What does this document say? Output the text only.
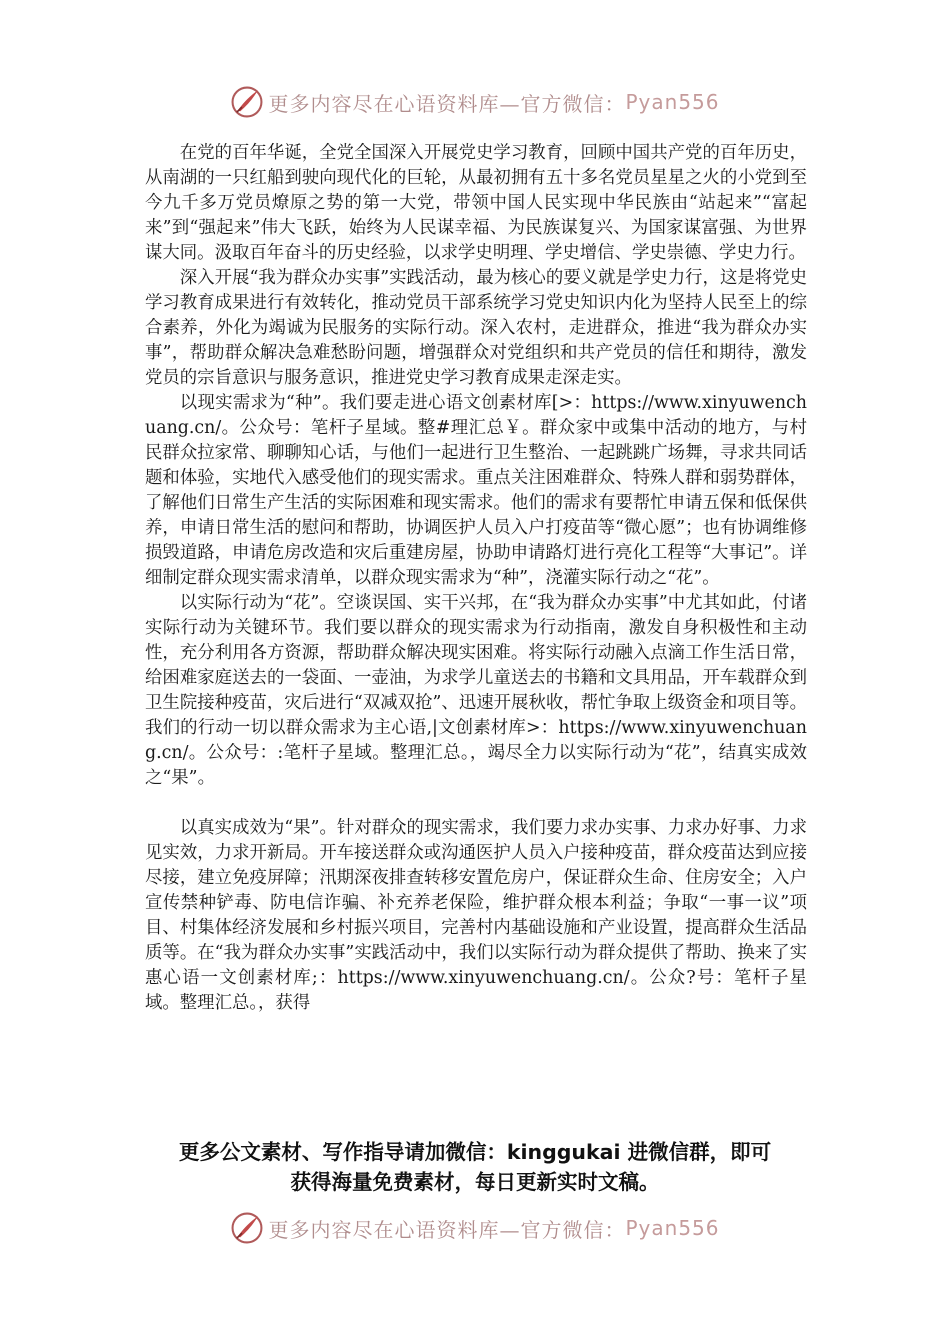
更多内容尽在心语资料库—官方微信： Pyan556

在党的百年华诞，全党全国深入开展党史学习教育，回顾中国共产党的百年历史，从南湖的一只红船到驶向现代化的巨轮，从最初拥有五十多名党员星星之火的小党到至今九千多万党员燎原之势的第一大党，带领中国人民实现中华民族由“站起来”“富起来”到“强起来”伟大飞跃，始终为人民谋幸福、为民族谋复兴、为国家谋富强、为世界谋大同。汲取百年奋斗的历史经验，以求学史明理、学史增信、学史崇德、学史力行。

深入开展“我为群众办实事”实践活动，最为核心的要义就是学史力行，这是将党史学习教育成果进行有效转化，推动党员干部系统学习党史知识内化为坚持人民至上的综合素养，外化为竭诚为民服务的实际行动。深入农村，走进群众，推进“我为群众办实事”，帮助群众解决急难愁盼问题，增强群众对党组织和共产党员的信任和期待，激发党员的宗旨意识与服务意识，推进党史学习教育成果走深走实。

以现实需求为“种”。我们要走进心语文创素材库[>：https://www.xinyuwenchuang.cn/。公众号：笔杆子星域。整#理汇总￥。群众家中或集中活动的地方，与村民群众拉家常、聊聊知心话，与他们一起进行卫生整治、一起跳跳广场舞，寻求共同话题和体验，实地代入感受他们的现实需求。重点关注困难群众、特殊人群和弱势群体，了解他们日常生产生活的实际困难和现实需求。他们的需求有要帮忙申请五保和低保供养，申请日常生活的慰问和帮助，协调医护人员入户打疫苗等“微心愿”；也有协调维修损毁道路，申请危房改造和灾后重建房屋，协助申请路灯进行亮化工程等“大事记”。详细制定群众现实需求清单，以群众现实需求为“种”，浇灌实际行动之“花”。

以实际行动为“花”。空谈误国、实干兴邦，在“我为群众办实事”中尤其如此，付诸实际行动为关键环节。我们要以群众的现实需求为行动指南，激发自身积极性和主动性，充分利用各方资源，帮助群众解决现实困难。将实际行动融入点滴工作生活日常，给困难家庭送去的一袋面、一壶油，为求学儿童送去的书籍和文具用品，开车载群众到卫生院接种疫苗，灾后进行“双减双抢”、迅速开展秋收，帮忙争取上级资金和项目等。我们的行动一切以群众需求为主心语,|文创素材库>：https://www.xinyuwenchuang.cn/。公众号：:笔杆子星域。整理汇总。，竭尽全力以实际行动为“花”，结真实成效之“果”。

以真实成效为“果”。针对群众的现实需求，我们要力求办实事、力求办好事、力求见实效，力求开新局。开车接送群众或沟通医护人员入户接种疫苗，群众疫苗达到应接尽接，建立免疫屏障；汛期深夜排查转移安置危房户，保证群众生命、住房安全；入户宣传禁种铲毒、防电信诈骗、补充养老保险，维护群众根本利益；争取“一事一议”项目、村集体经济发展和乡村振兴项目，完善村内基础设施和产业设置，提高群众生活品质等。在“我为群众办实事”实践活动中，我们以实际行动为群众提供了帮助、换来了实惠心语一文创素材库;：https://www.xinyuwenchuang.cn/。公众?号：笔杆子星域。整理汇总。，获得

更多公文素材、写作指导请加微信：kinggukai 进微信群，即可
获得海量免费素材，每日更新实时文稿。
更多内容尽在心语资料库—官方微信： Pyan556
